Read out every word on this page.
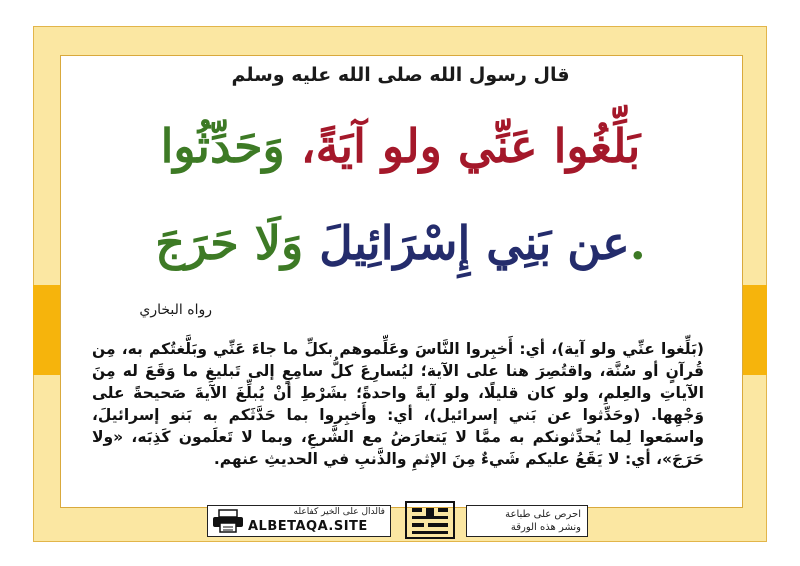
قال رسول الله صلى الله عليه وسلم
بَلِّغُوا عَنِّي ولو آيَةً، وَحَدِّثُوا
عن بَنِي إِسْرَائِيلَ وَلَا حَرَجَ.
رواه البخاري
(بَلِّغوا عنِّي ولو آية)، أي: أَخبِروا النَّاسَ وعَلِّموهم بكلِّ ما جاءَ عَنِّي وبَلَّغتُكم به، مِن قُرآنٍ أو سُنَّة، واقتُصِرَ هنا على الآية؛ ليُسارِعَ كلُّ سامِعٍ إلى تَبليغِ ما وَقَعَ له مِنَ الآياتِ والعِلمِ، ولو كان قليلًا، ولو آيةً واحدةً؛ بشَرْطِ أنْ يُبلِّغَ الآيةَ صَحيحةً على وَجْهِها. (وحَدِّثوا عن بَني إسرائيل)، أي: وأَخبِروا بما حَدَّثَكم به بَنو إسرائيلَ، واسمَعوا لِما يُحدِّثونكم به ممَّا لا يَتعارَضُ مع الشَّرعِ، وبما لا تَعلَمون كَذِبَه، «ولا حَرَجَ»، أي: لا يَقَعُ عليكم شَيءٌ مِنَ الإثمِ والذَّنبِ في الحديثِ عنهم.
فالدال على الخير كفاعله
ALBETAQA.SITE
احرص على طباعة
ونشر هذه الورقة
